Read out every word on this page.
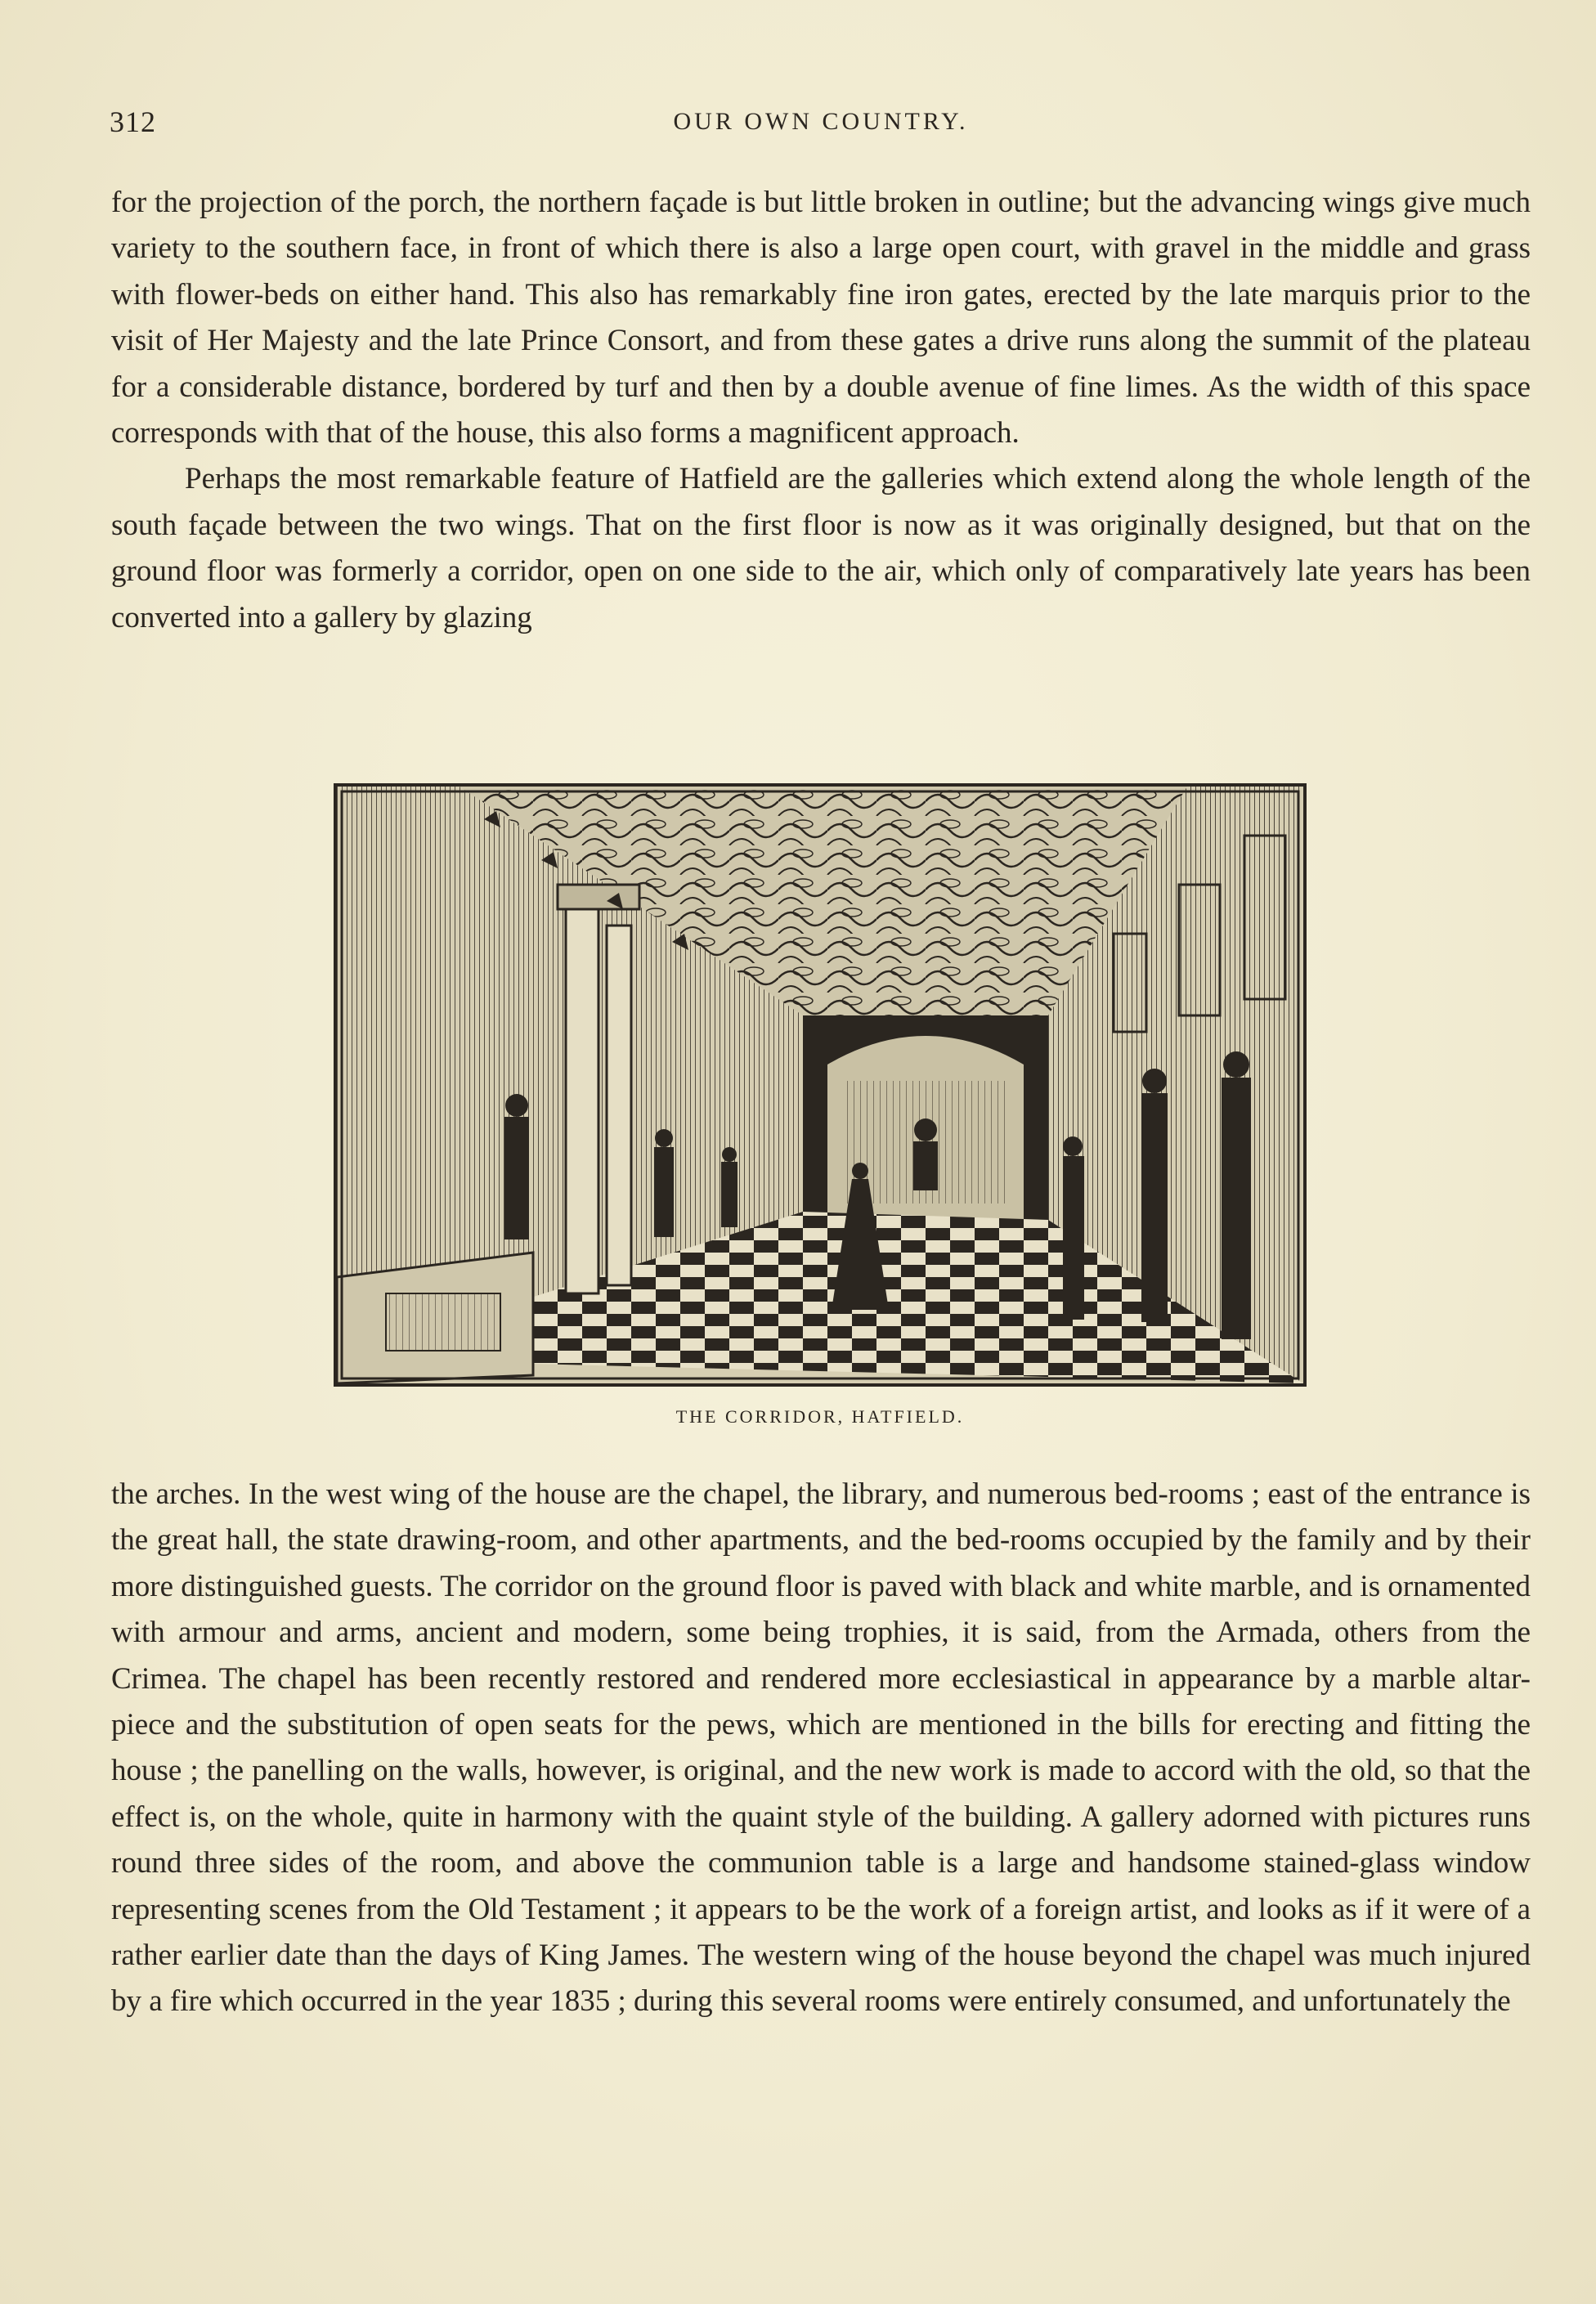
312	OUR OWN COUNTRY.

for the projection of the porch, the northern façade is but little broken in outline; but the advancing wings give much variety to the southern face, in front of which there is also a large open court, with gravel in the middle and grass with flower-beds on either hand. This also has remarkably fine iron gates, erected by the late marquis prior to the visit of Her Majesty and the late Prince Consort, and from these gates a drive runs along the summit of the plateau for a considerable distance, bordered by turf and then by a double avenue of fine limes. As the width of this space corresponds with that of the house, this also forms a magnificent approach.

Perhaps the most remarkable feature of Hatfield are the galleries which extend along the whole length of the south façade between the two wings. That on the first floor is now as it was originally designed, but that on the ground floor was formerly a corridor, open on one side to the air, which only of comparatively late years has been converted into a gallery by glazing

THE CORRIDOR, HATFIELD.

the arches. In the west wing of the house are the chapel, the library, and numerous bed-rooms ; east of the entrance is the great hall, the state drawing-room, and other apartments, and the bed-rooms occupied by the family and by their more distinguished guests. The corridor on the ground floor is paved with black and white marble, and is ornamented with armour and arms, ancient and modern, some being trophies, it is said, from the Armada, others from the Crimea. The chapel has been recently restored and rendered more ecclesiastical in appearance by a marble altar-piece and the substitution of open seats for the pews, which are mentioned in the bills for erecting and fitting the house ; the panelling on the walls, however, is original, and the new work is made to accord with the old, so that the effect is, on the whole, quite in harmony with the quaint style of the building. A gallery adorned with pictures runs round three sides of the room, and above the communion table is a large and handsome stained-glass window representing scenes from the Old Testament ; it appears to be the work of a foreign artist, and looks as if it were of a rather earlier date than the days of King James. The western wing of the house beyond the chapel was much injured by a fire which occurred in the year 1835 ; during this several rooms were entirely consumed, and unfortunately the
